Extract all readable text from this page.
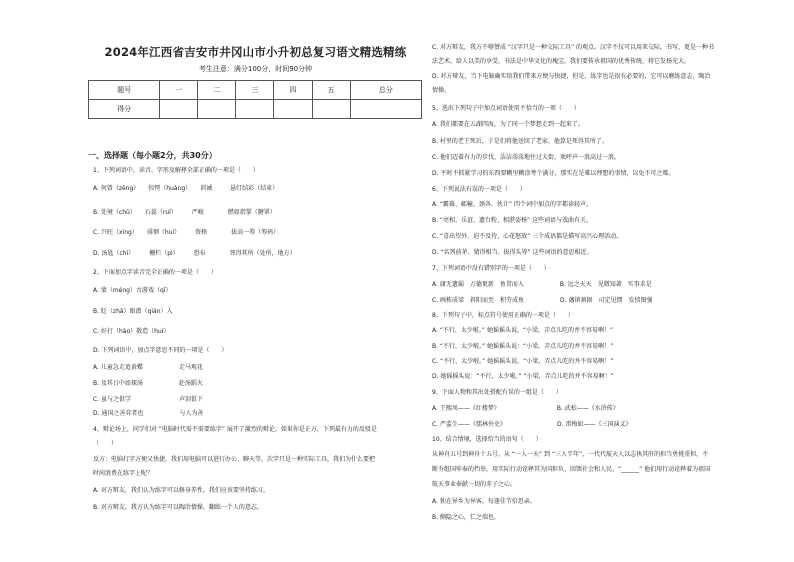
2024年江西省吉安市井冈山市小升初总复习语文精选精练
考生注意：满分100分，时间90分钟
题号	一	二	三	四	五	总分
得分						
一、选择题（每小题2分，共30分）
1、下列词语中，读音、字形及解释全部正确的一项是（　　）
A. 何曾（zēng）　　惊愕（huàng）　　训诫　　　悬灯结彩（结束）
B. 处境（chǔ）　　石蕊（ruǐ）　　　严峻　　　　燃如指掌（腱罩）
C. 兴旺（xìng）　　徘徊（huí）　　　资格　　　　拔高一筹（筹码）
D. 汤匙（chí）　　　栅栏（pì）　　　恐布　　　　死得其所（处所，地方）
2、下面加点字读音完全正确的一项是（　　）
A. 蒙（méng）古游戏（qǐ）
B. 眨（zhǎ）眼潜（qián）入
C. 好打（hào）散造（huí）
D. 下列词语中，加点字意思不同的一项是（　　）
A. 儿童急走追黄蝶　　　　　　走马观花
B. 及其日中如探汤　　　　　　赴汤蹈火
C. 虽与之俱学　　　　　　　　声泪俱下
D. 通国之善弈者也　　　　　　与人为善
4、辩论场上，同学们对 “电脑时代需不需要练字” 展开了激烈的辩论。如果你是正方，下列最有力的反驳是
（　　）
反方：电脑打字方便又快捷，我们用电脑可以进行办公、聊天等。次字只是一种实际工具，我们为什么要把
时间浪费在练字上呢？
A. 对方辩友，我们认为练字可以修身养性，我们应该要坚持练习。
B. 对方辩友，我方认为练字可以陶冶情操，翻练一个人的意志。
C. 对方辩友，我方不够赞成 “汉字只是一种交际工具” 的观点。汉字不仅可以用来交际，书写，更是一种书
法艺术，给人以美的享受。书法是中华文化的瑰宝，我们要传承祖国的优秀传统，将它发扬光大。
D. 对方辩友，当下电脑确实给我们带来方便与快捷，但是，练字也是很有必要的，它可以磨练意志，陶冶
情操。
5、选出下列句子中加点词语使用不恰当的一项（　　）
A. 我们都要在五湖四海，为了同一个梦想走到一起来了。
B. 村里的老王死后，于是们将他送回了老家，他算是死得其所了。
C. 他们迈着有力的步伐，洁洁荡荡地往过大街，欢呼声一浪高过一浪。
D. 平时不抓紧学习的东西要糊里糊涂考个满分，那实在是难以理想的事情，以免不可之霉。
6、下列说法有误的一项是（　　）
A. “霸蓦、邮幢、颈各、伙计” 四个词中加点的字都读轻声。
B. “亮相、乐谊、遗台粉、相湛姿杨” 这些词语与戏曲有关。
C. “喜出望外、迫不及待、心花怒放” 三个成语都是描写高兴心理活动。
D. “名列前茅、猜得相当、拔得头筹” 这些词语的意思相近。
7、下列词语中没有错别字的一项是（　　）
A. 庸无遗漏　万德更新　鱼贯而入　　　　　　B. 远之天天　见微知著　实事求是
C. 画栋成梁　斜阳而至　积劳成鱼　　　　　　D. 藩镇割据　司定见惯　发愤图强
8、下列句子中，标点符号使用正确的一项是（　　）
A. “不行，太少啦。” 她摇摇头说，“小梁，弄点儿吃的并不容易啊！”
B. “不行，太少啦。” 她摇摇头说：“小梁，弄点儿吃的并不容易啊！”
C. “不行，太少啦。” 她摇摇头说。“小梁，弄点儿吃的并不容易啊！”
D. 她摇摇头说：“不行，太少啦。” “小梁，弄点儿吃的并不容易啊！”
9、下面人物和其出处搭配有误的一组是（　　）
A. 王熙凤——《红楼梦》　　　　　　　　　　B. 武松——《水浒传》
C. 严监生——《儒林外史》　　　　　　　　　D. 雷梅如——《三国演义》
10、结合情境，选择恰当的语句（　　）
从神舟五号到神舟十五号，从 “一人一天” 到 “三人半年”，一代代航天人以志执其肝的担当勇挑重担，不
断夯组国牢奉的挡举，用实际行动诠释其为国担负，回馈社会和人民。“______” 他们用行动诠释着为祖国
航天事业奉献一切的赤子之心。
A. 独在异乡为异客，每逢佳节倍思亲。
B. 侧隐之心，仁之端也。
